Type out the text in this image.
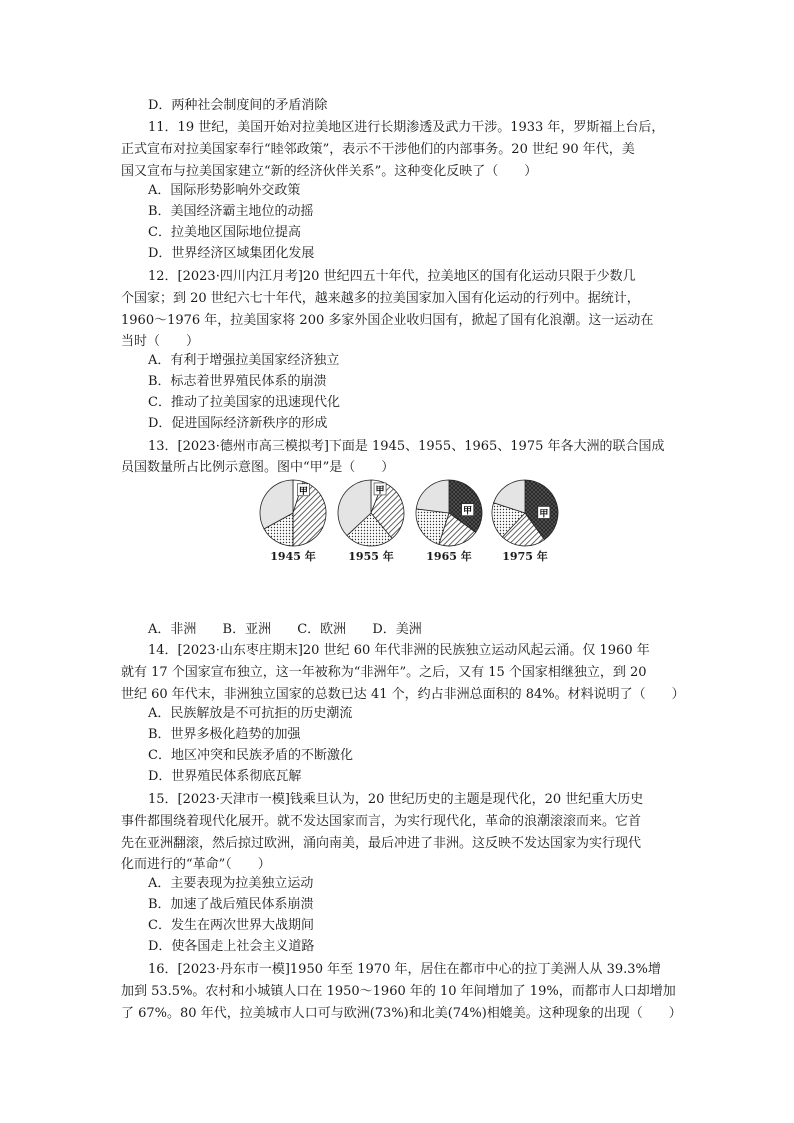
D．两种社会制度间的矛盾消除

11．19 世纪，美国开始对拉美地区进行长期渗透及武力干涉。1933 年，罗斯福上台后，

正式宣布对拉美国家奉行“睦邻政策”，表示不干涉他们的内部事务。20 世纪 90 年代，美

国又宣布与拉美国家建立“新的经济伙伴关系”。这种变化反映了（　　）

A．国际形势影响外交政策

B．美国经济霸主地位的动摇

C．拉美地区国际地位提高

D．世界经济区域集团化发展

12．[2023·四川内江月考]20 世纪四五十年代，拉美地区的国有化运动只限于少数几

个国家；到 20 世纪六七十年代，越来越多的拉美国家加入国有化运动的行列中。据统计，

1960～1976 年，拉美国家将 200 多家外国企业收归国有，掀起了国有化浪潮。这一运动在

当时（　　）

A．有利于增强拉美国家经济独立

B．标志着世界殖民体系的崩溃

C．推动了拉美国家的迅速现代化

D．促进国际经济新秩序的形成

13．[2023·德州市高三模拟考]下面是 1945、1955、1965、1975 年各大洲的联合国成

员国数量所占比例示意图。图中“甲”是（　　）

甲
1945 年
甲
1955 年
甲
1965 年
甲
1975 年
A．非洲 B．亚洲 C．欧洲 D．美洲

14．[2023·山东枣庄期末]20 世纪 60 年代非洲的民族独立运动风起云涌。仅 1960 年

就有 17 个国家宣布独立，这一年被称为“非洲年”。之后，又有 15 个国家相继独立，到 20

世纪 60 年代末，非洲独立国家的总数已达 41 个，约占非洲总面积的 84%。材料说明了（　　）

A．民族解放是不可抗拒的历史潮流

B．世界多极化趋势的加强

C．地区冲突和民族矛盾的不断激化

D．世界殖民体系彻底瓦解

15．[2023·天津市一模]钱乘旦认为，20 世纪历史的主题是现代化，20 世纪重大历史

事件都围绕着现代化展开。就不发达国家而言，为实行现代化，革命的浪潮滚滚而来。它首

先在亚洲翻滚，然后掠过欧洲，涌向南美，最后冲进了非洲。这反映不发达国家为实行现代

化而进行的“革命”（　　）

A．主要表现为拉美独立运动

B．加速了战后殖民体系崩溃

C．发生在两次世界大战期间

D．使各国走上社会主义道路

16．[2023·丹东市一模]1950 年至 1970 年，居住在都市中心的拉丁美洲人从 39.3%增

加到 53.5%。农村和小城镇人口在 1950～1960 年的 10 年间增加了 19%，而都市人口却增加

了 67%。80 年代，拉美城市人口可与欧洲(73%)和北美(74%)相媲美。这种现象的出现（　　）
